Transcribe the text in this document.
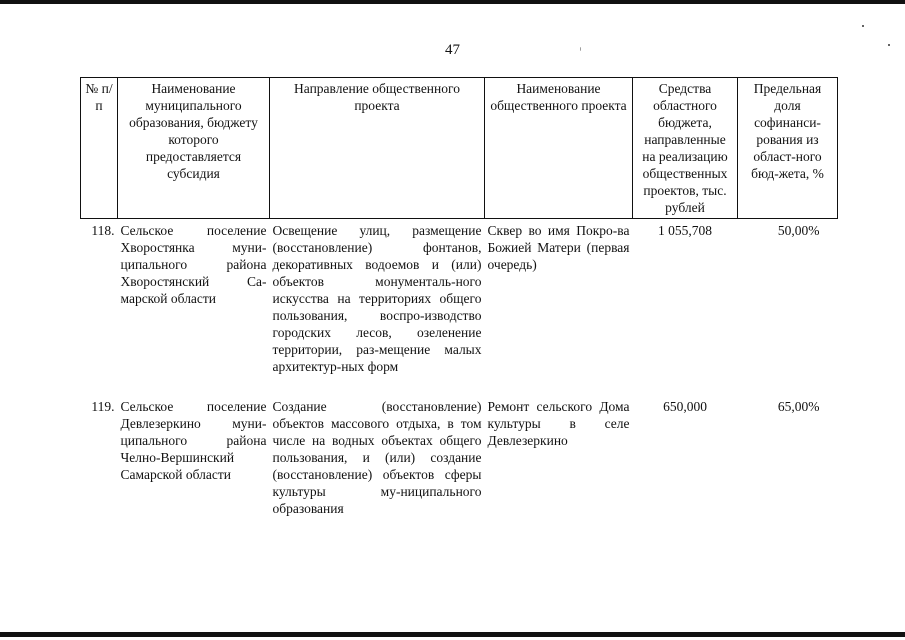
47
№ п/п	Наименование муниципального образования, бюджету которого предоставляется субсидия	Направление общественного проекта	Наименование общественного проекта	Средства областного бюджета, направленные на реализацию общественных проектов, тыс. рублей	Предельная доля софинанси-рования из област-ного бюд-жета, %
118.	Сельское поселение Хворостянка муни-ципального района Хворостянский Са-марской области	Освещение улиц, размещение (восстановление) фонтанов, декоративных водоемов и (или) объектов монументаль-ного искусства на территориях общего пользования, воспро-изводство городских лесов, озеленение территории, раз-мещение малых архитектур-ных форм	Сквер во имя Покро-ва Божией Матери (первая очередь)	1 055,708	50,00%
119.	Сельское поселение Девлезеркино муни-ципального района Челно-Вершинский Самарской области	Создание (восстановление) объектов массового отдыха, в том числе на водных объектах общего пользования, и (или) создание (восстановление) объектов сферы культуры му-ниципального образования	Ремонт сельского Дома культуры в селе Девлезеркино	650,000	65,00%
